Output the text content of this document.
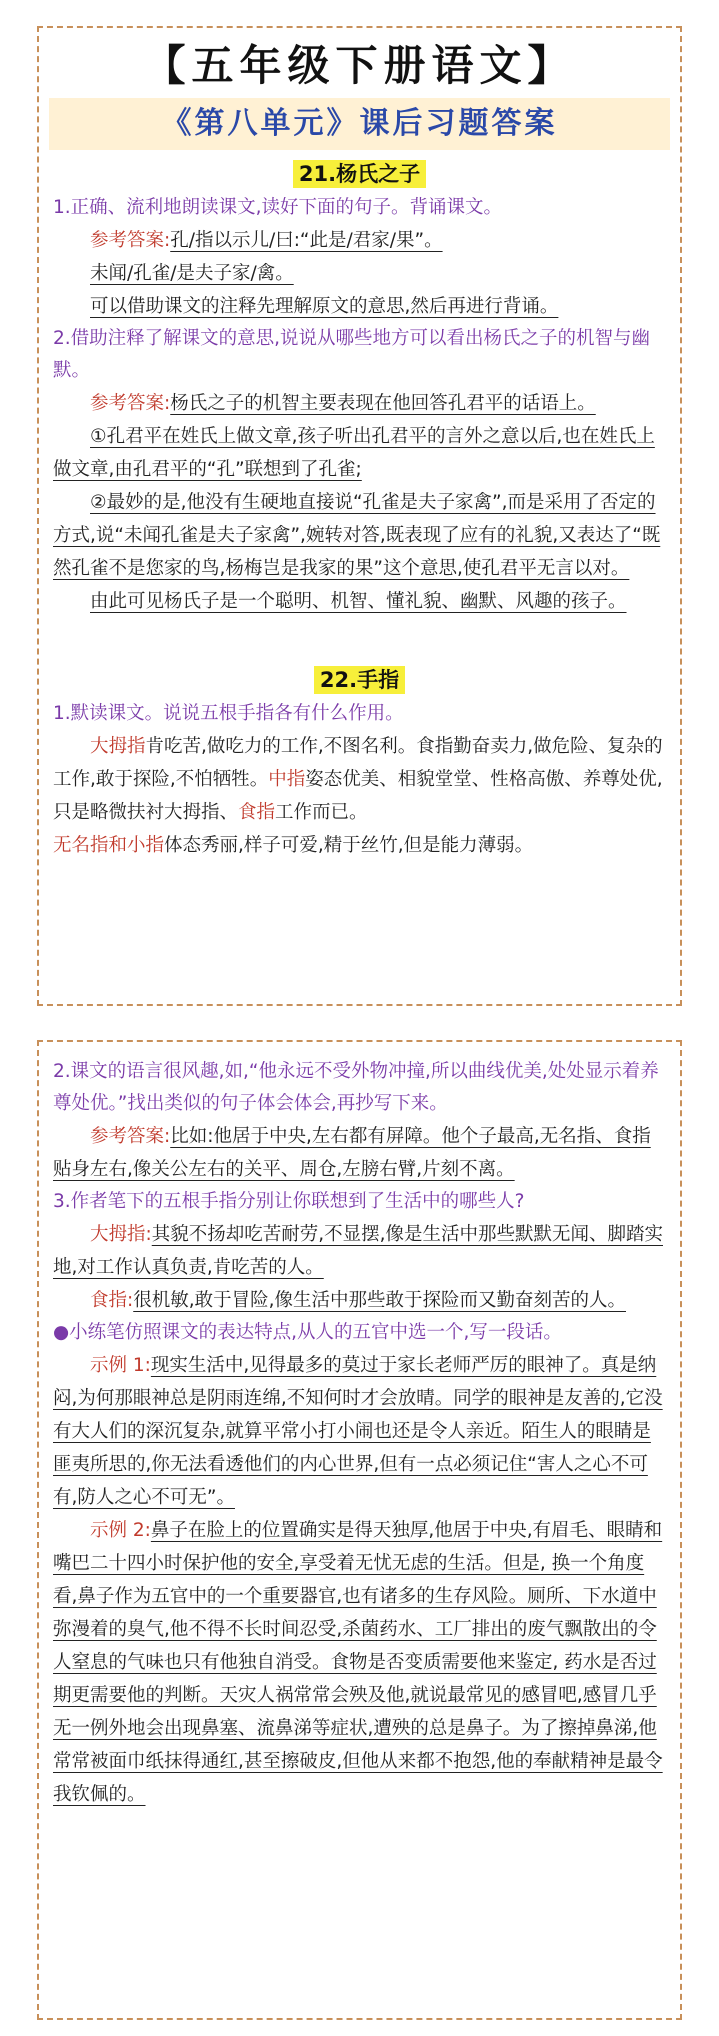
【五年级下册语文】
《第八单元》课后习题答案
21.杨氏之子

1.正确、流利地朗读课文,读好下面的句子。背诵课文。

参考答案:孔/指以示儿/曰:“此是/君家/果”。

未闻/孔雀/是夫子家/禽。

可以借助课文的注释先理解原文的意思,然后再进行背诵。

2.借助注释了解课文的意思,说说从哪些地方可以看出杨氏之子的机智与幽默。

参考答案:杨氏之子的机智主要表现在他回答孔君平的话语上。

①孔君平在姓氏上做文章,孩子听出孔君平的言外之意以后,也在姓氏上做文章,由孔君平的“孔”联想到了孔雀;

②最妙的是,他没有生硬地直接说“孔雀是夫子家禽”,而是采用了否定的方式,说“未闻孔雀是夫子家禽”,婉转对答,既表现了应有的礼貌,又表达了“既然孔雀不是您家的鸟,杨梅岂是我家的果”这个意思,使孔君平无言以对。

由此可见杨氏子是一个聪明、机智、懂礼貌、幽默、风趣的孩子。

22.手指

1.默读课文。说说五根手指各有什么作用。

大拇指肯吃苦,做吃力的工作,不图名利。食指勤奋卖力,做危险、复杂的工作,敢于探险,不怕牺牲。中指姿态优美、相貌堂堂、性格高傲、养尊处优,只是略微扶衬大拇指、食指工作而已。

无名指和小指体态秀丽,样子可爱,精于丝竹,但是能力薄弱。

2.课文的语言很风趣,如,“他永远不受外物冲撞,所以曲线优美,处处显示着养尊处优。”找出类似的句子体会体会,再抄写下来。

参考答案:比如:他居于中央,左右都有屏障。他个子最高,无名指、食指贴身左右,像关公左右的关平、周仓,左膀右臂,片刻不离。

3.作者笔下的五根手指分别让你联想到了生活中的哪些人?

大拇指:其貌不扬却吃苦耐劳,不显摆,像是生活中那些默默无闻、脚踏实地,对工作认真负责,肯吃苦的人。

食指:很机敏,敢于冒险,像生活中那些敢于探险而又勤奋刻苦的人。

●小练笔仿照课文的表达特点,从人的五官中选一个,写一段话。

示例 1:现实生活中,见得最多的莫过于家长老师严厉的眼神了。真是纳闷,为何那眼神总是阴雨连绵,不知何时才会放晴。同学的眼神是友善的,它没有大人们的深沉复杂,就算平常小打小闹也还是令人亲近。陌生人的眼睛是匪夷所思的,你无法看透他们的内心世界,但有一点必须记住“害人之心不可有,防人之心不可无”。

示例 2:鼻子在脸上的位置确实是得天独厚,他居于中央,有眉毛、眼睛和嘴巴二十四小时保护他的安全,享受着无忧无虑的生活。但是, 换一个角度看,鼻子作为五官中的一个重要器官,也有诸多的生存风险。厕所、下水道中弥漫着的臭气,他不得不长时间忍受,杀菌药水、工厂排出的废气飘散出的令人窒息的气味也只有他独自消受。食物是否变质需要他来鉴定, 药水是否过期更需要他的判断。天灾人祸常常会殃及他,就说最常见的感冒吧,感冒几乎无一例外地会出现鼻塞、流鼻涕等症状,遭殃的总是鼻子。为了擦掉鼻涕,他常常被面巾纸抹得通红,甚至擦破皮,但他从来都不抱怨,他的奉献精神是最令我钦佩的。
